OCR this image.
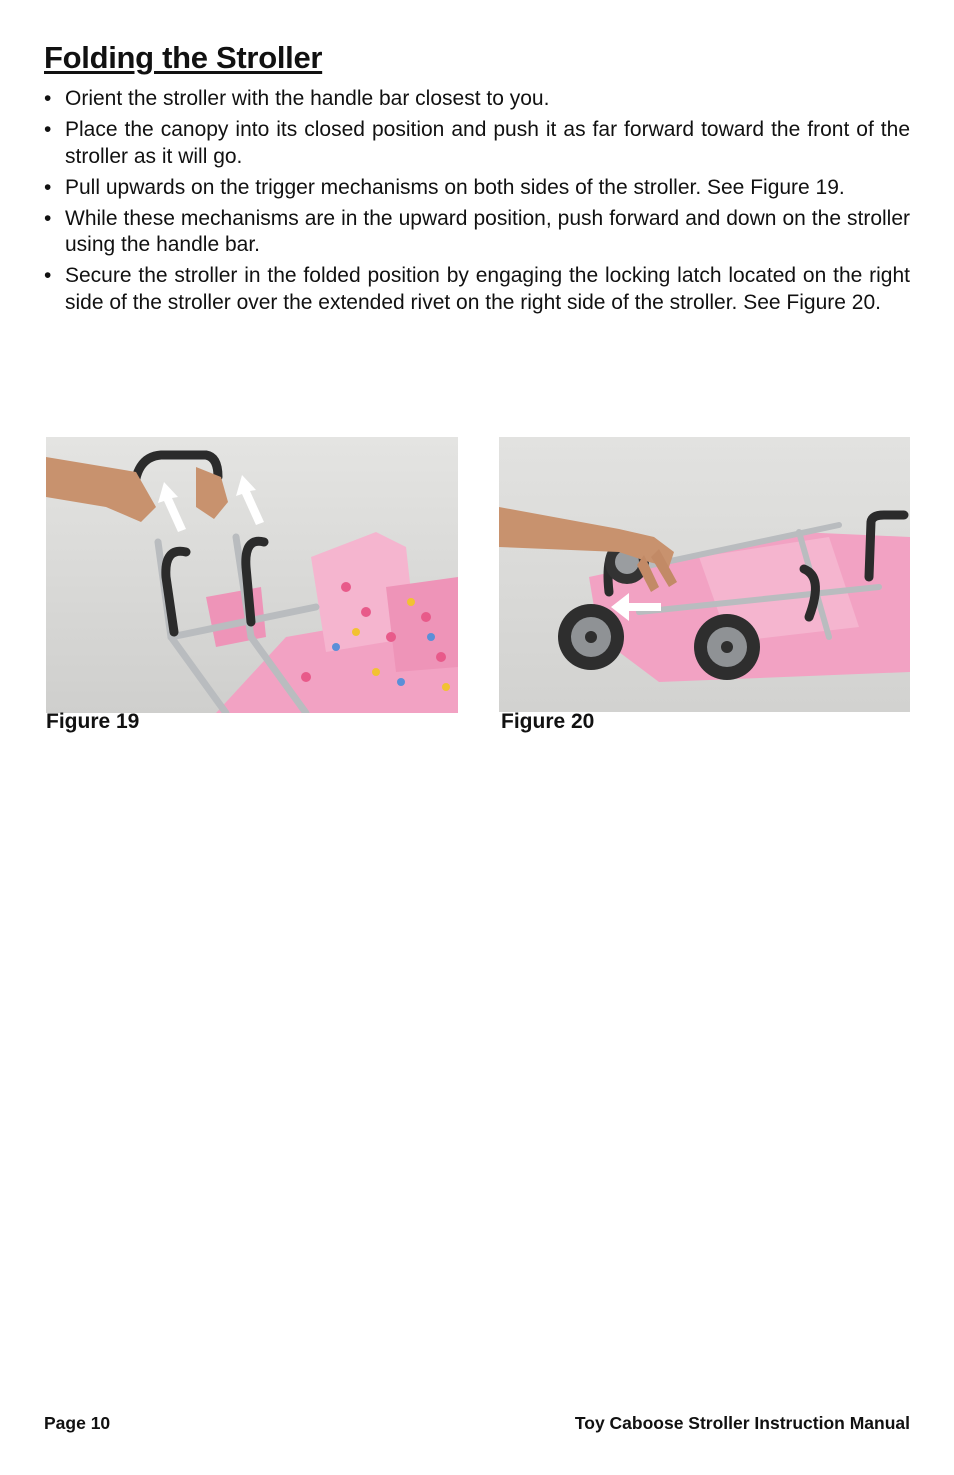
Folding the Stroller
• Orient the stroller with the handle bar closest to you.
• Place the canopy into its closed position and push it as far forward toward the front of the stroller as it will go.
• Pull upwards on the trigger mechanisms on both sides of the stroller. See Figure 19.
• While these mechanisms are in the upward position, push forward and down on the stroller using the handle bar.
• Secure the stroller in the folded position by engaging the locking latch located on the right side of the stroller over the extended rivet on the right side of the stroller. See Figure 20.
Figure 19	Figure 20
Page 10	Toy Caboose Stroller Instruction Manual
